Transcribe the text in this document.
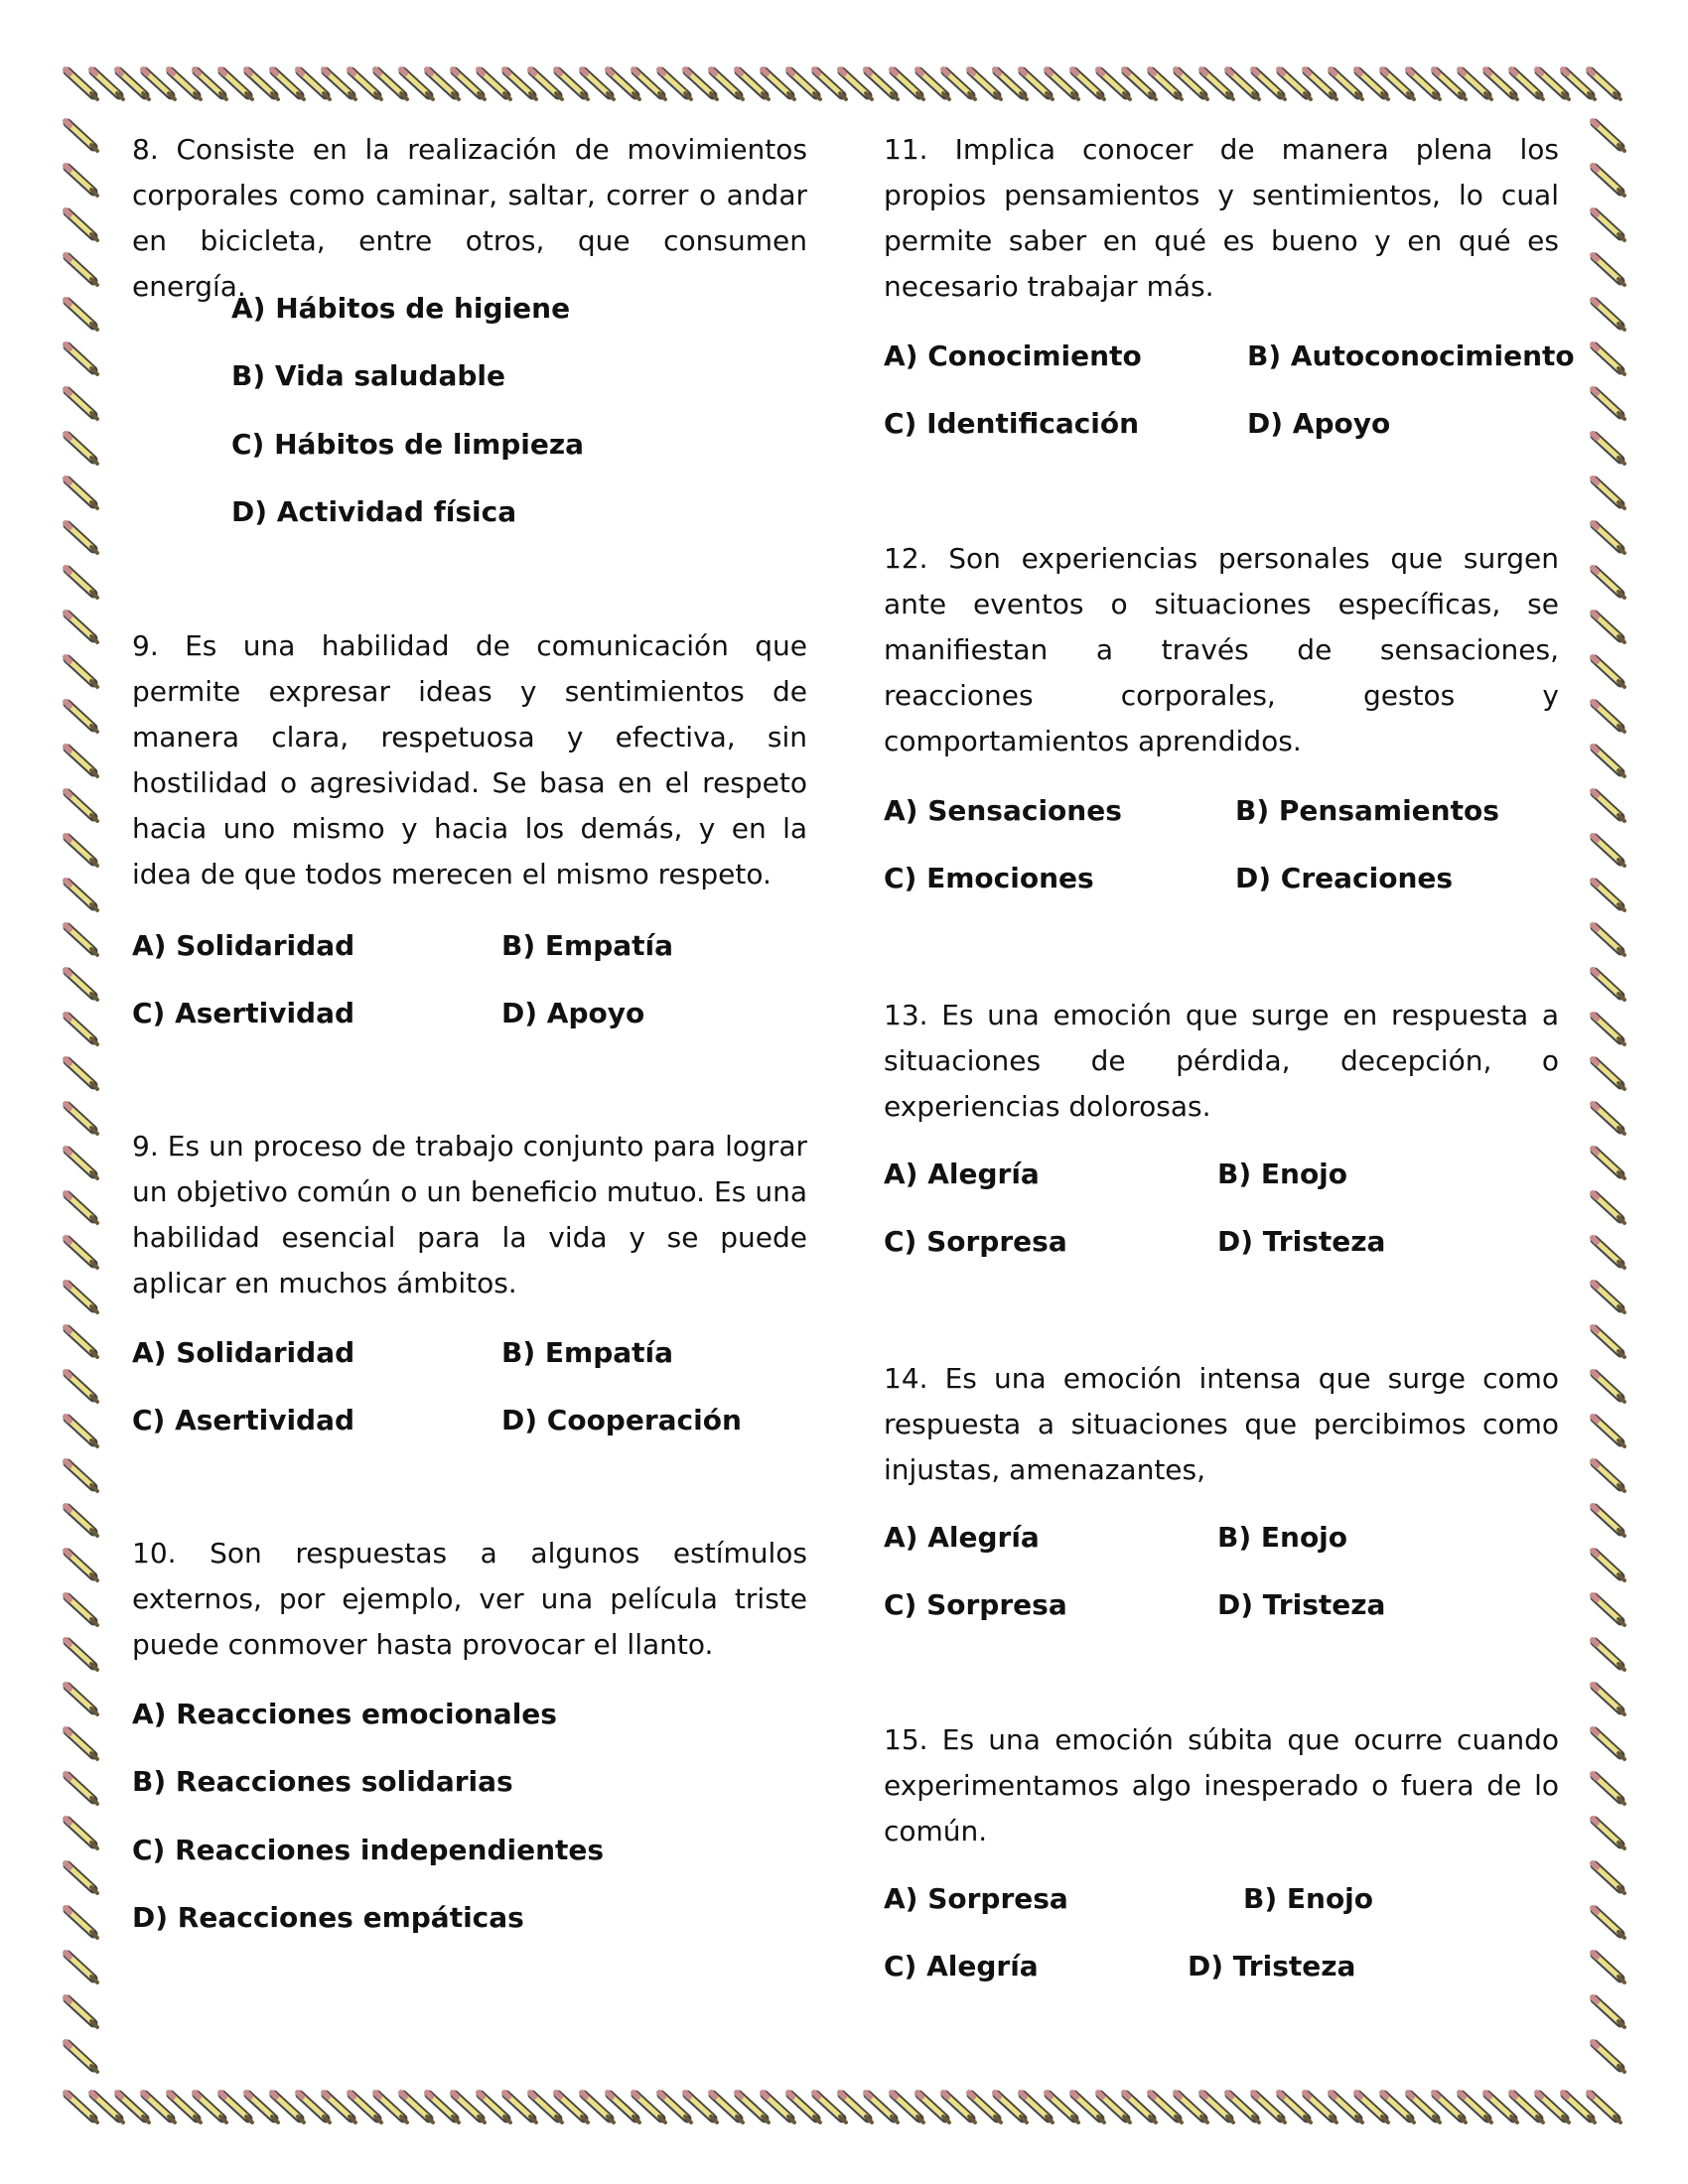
8. Consiste en la realización de movimientos corporales como caminar, saltar, correr o andar en bicicleta, entre otros, que consumen energía.

A) Hábitos de higiene
B) Vida saludable
C) Hábitos de limpieza
D) Actividad física

9. Es una habilidad de comunicación que permite expresar ideas y sentimientos de manera clara, respetuosa y efectiva, sin hostilidad o agresividad. Se basa en el respeto hacia uno mismo y hacia los demás, y en la idea de que todos merecen el mismo respeto.

A) Solidaridad	B) Empatía
C) Asertividad	D) Apoyo

9. Es un proceso de trabajo conjunto para lograr un objetivo común o un beneficio mutuo. Es una habilidad esencial para la vida y se puede aplicar en muchos ámbitos.

A) Solidaridad	B) Empatía
C) Asertividad	D) Cooperación

10. Son respuestas a algunos estímulos externos, por ejemplo, ver una película triste puede conmover hasta provocar el llanto.

A) Reacciones emocionales
B) Reacciones solidarias
C) Reacciones independientes
D) Reacciones empáticas

11. Implica conocer de manera plena los propios pensamientos y sentimientos, lo cual permite saber en qué es bueno y en qué es necesario trabajar más.

A) Conocimiento	B) Autoconocimiento
C) Identificación	D) Apoyo

12. Son experiencias personales que surgen ante eventos o situaciones específicas, se manifiestan a través de sensaciones, reacciones corporales, gestos y comportamientos aprendidos.

A) Sensaciones	B) Pensamientos
C) Emociones	D) Creaciones

13. Es una emoción que surge en respuesta a situaciones de pérdida, decepción, o experiencias dolorosas.

A) Alegría	B) Enojo
C) Sorpresa	D) Tristeza

14. Es una emoción intensa que surge como respuesta a situaciones que percibimos como injustas, amenazantes,

A) Alegría	B) Enojo
C) Sorpresa	D) Tristeza

15. Es una emoción súbita que ocurre cuando experimentamos algo inesperado o fuera de lo común.

A) Sorpresa	B) Enojo
C) Alegría	D) Tristeza
